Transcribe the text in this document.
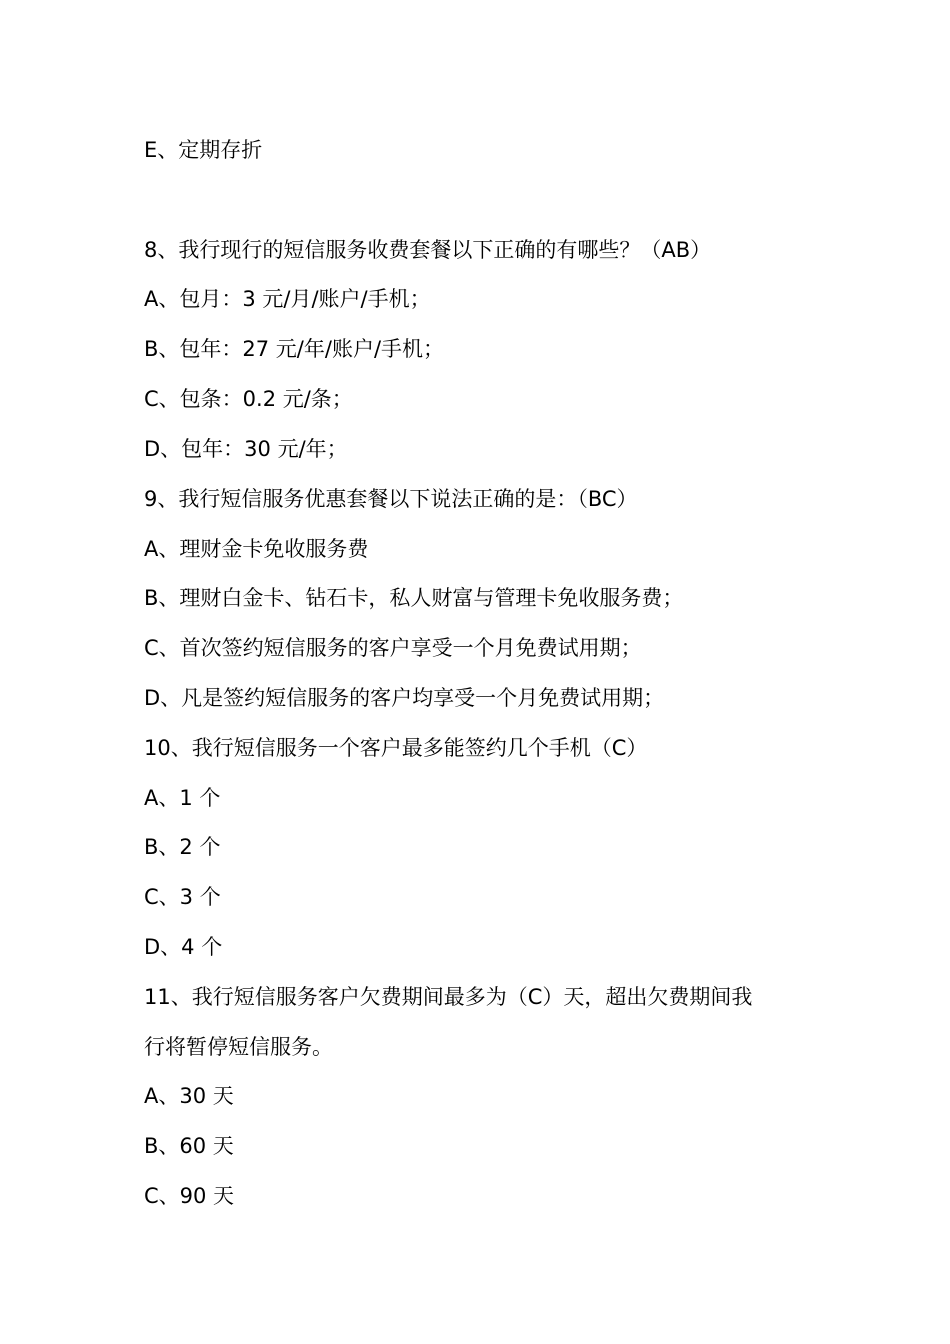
E、定期存折
8、我行现行的短信服务收费套餐以下正确的有哪些？（AB）
A、包月：3 元/月/账户/手机；
B、包年：27 元/年/账户/手机；
C、包条：0.2 元/条；
D、包年：30 元/年；
9、我行短信服务优惠套餐以下说法正确的是：（BC）
A、理财金卡免收服务费
B、理财白金卡、钻石卡，私人财富与管理卡免收服务费；
C、首次签约短信服务的客户享受一个月免费试用期；
D、凡是签约短信服务的客户均享受一个月免费试用期；
10、我行短信服务一个客户最多能签约几个手机（C）
A、1 个
B、2 个
C、3 个
D、4 个
11、我行短信服务客户欠费期间最多为（C）天，超出欠费期间我
行将暂停短信服务。
A、30 天
B、60 天
C、90 天
